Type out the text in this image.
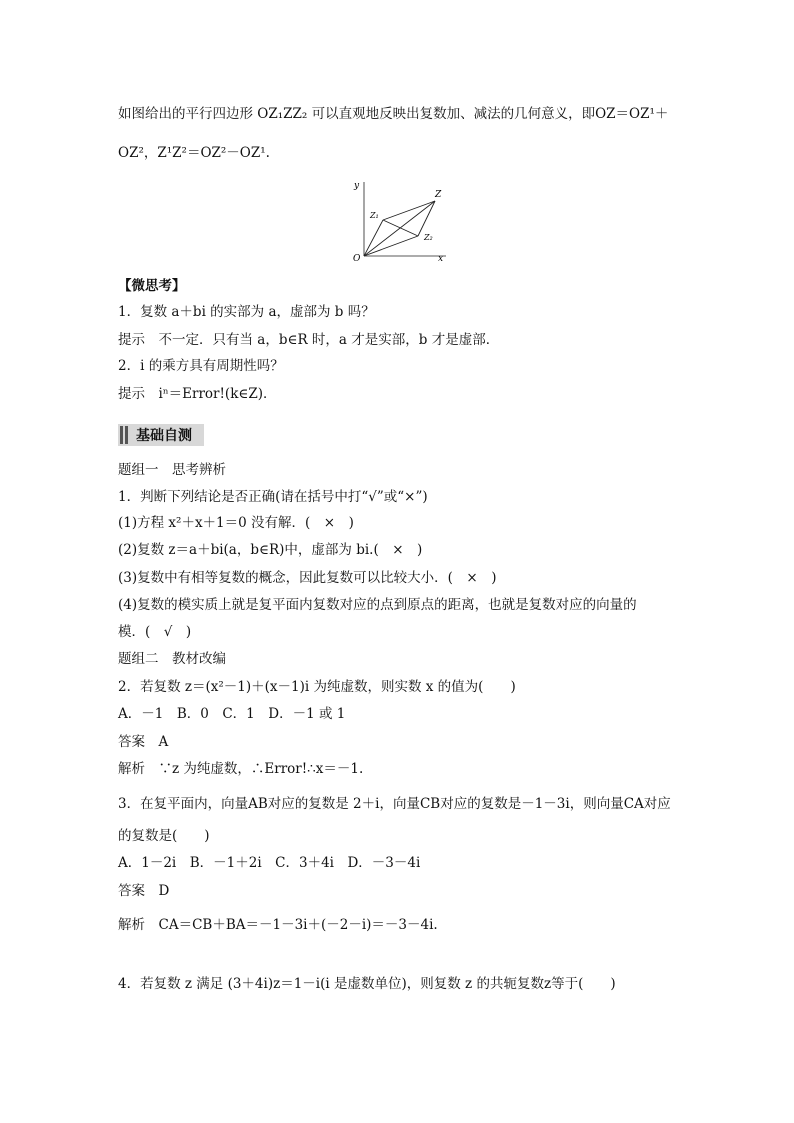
如图给出的平行四边形 OZ₁ZZ₂ 可以直观地反映出复数加、减法的几何意义，即OZ＝OZ¹＋
OZ²，Z¹Z²＝OZ²－OZ¹.
y
x
O
Z
Z₁
Z₂
【微思考】
1．复数 a＋bi 的实部为 a，虚部为 b 吗？
提示　不一定．只有当 a，b∈R 时，a 才是实部，b 才是虚部．
2．i 的乘方具有周期性吗？
提示　iⁿ＝Error!(k∈Z)．
基础自测
题组一　思考辨析
1．判断下列结论是否正确(请在括号中打“√”或“×”)
(1)方程 x²＋x＋1＝0 没有解．(　×　)
(2)复数 z＝a＋bi(a，b∈R)中，虚部为 bi.(　×　)
(3)复数中有相等复数的概念，因此复数可以比较大小．(　×　)
(4)复数的模实质上就是复平面内复数对应的点到原点的距离，也就是复数对应的向量的
模．(　√　)
题组二　教材改编
2．若复数 z＝(x²－1)＋(x－1)i 为纯虚数，则实数 x 的值为(　　)
A．－1　B．0　C．1　D．－1 或 1
答案　A
解析　∵z 为纯虚数，∴Error!∴x＝－1.
3．在复平面内，向量AB对应的复数是 2＋i，向量CB对应的复数是－1－3i，则向量CA对应
的复数是(　　)
A．1－2i　B．－1＋2i　C．3＋4i　D．－3－4i
答案　D
解析　CA＝CB＋BA＝－1－3i＋(－2－i)＝－3－4i.
4．若复数 z 满足 (3＋4i)z＝1－i(i 是虚数单位)，则复数 z 的共轭复数z等于(　　)
